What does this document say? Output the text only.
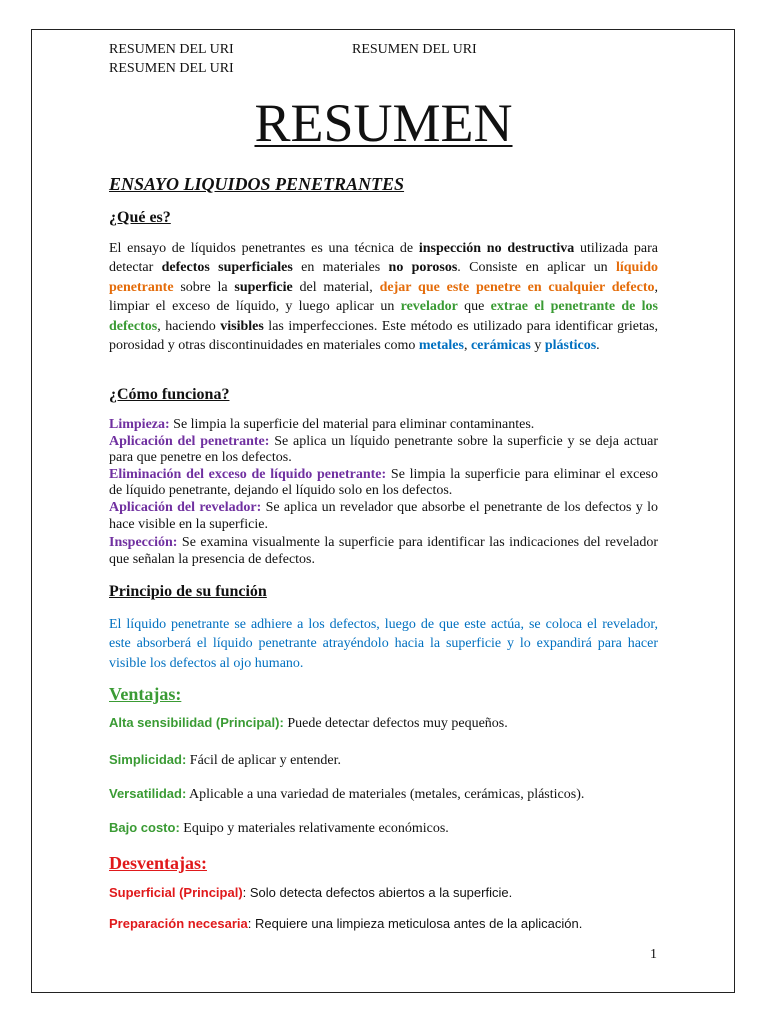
RESUMEN DEL URI	RESUMEN DEL URI
RESUMEN DEL URI
RESUMEN
ENSAYO LIQUIDOS PENETRANTES
¿Qué es?
El ensayo de líquidos penetrantes es una técnica de inspección no destructiva utilizada para detectar defectos superficiales en materiales no porosos. Consiste en aplicar un líquido penetrante sobre la superficie del material, dejar que este penetre en cualquier defecto, limpiar el exceso de líquido, y luego aplicar un revelador que extrae el penetrante de los defectos, haciendo visibles las imperfecciones. Este método es utilizado para identificar grietas, porosidad y otras discontinuidades en materiales como metales, cerámicas y plásticos.
¿Cómo funciona?
Limpieza: Se limpia la superficie del material para eliminar contaminantes.
Aplicación del penetrante: Se aplica un líquido penetrante sobre la superficie y se deja actuar para que penetre en los defectos.
Eliminación del exceso de líquido penetrante: Se limpia la superficie para eliminar el exceso de líquido penetrante, dejando el líquido solo en los defectos.
Aplicación del revelador: Se aplica un revelador que absorbe el penetrante de los defectos y lo hace visible en la superficie.
Inspección: Se examina visualmente la superficie para identificar las indicaciones del revelador que señalan la presencia de defectos.
Principio de su función
El líquido penetrante se adhiere a los defectos, luego de que este actúa, se coloca el revelador, este absorberá el líquido penetrante atrayéndolo hacia la superficie y lo expandirá para hacer visible los defectos al ojo humano.
Ventajas:
Alta sensibilidad (Principal): Puede detectar defectos muy pequeños.
Simplicidad: Fácil de aplicar y entender.
Versatilidad: Aplicable a una variedad de materiales (metales, cerámicas, plásticos).
Bajo costo: Equipo y materiales relativamente económicos.
Desventajas:
Superficial (Principal): Solo detecta defectos abiertos a la superficie.
Preparación necesaria: Requiere una limpieza meticulosa antes de la aplicación.
1
